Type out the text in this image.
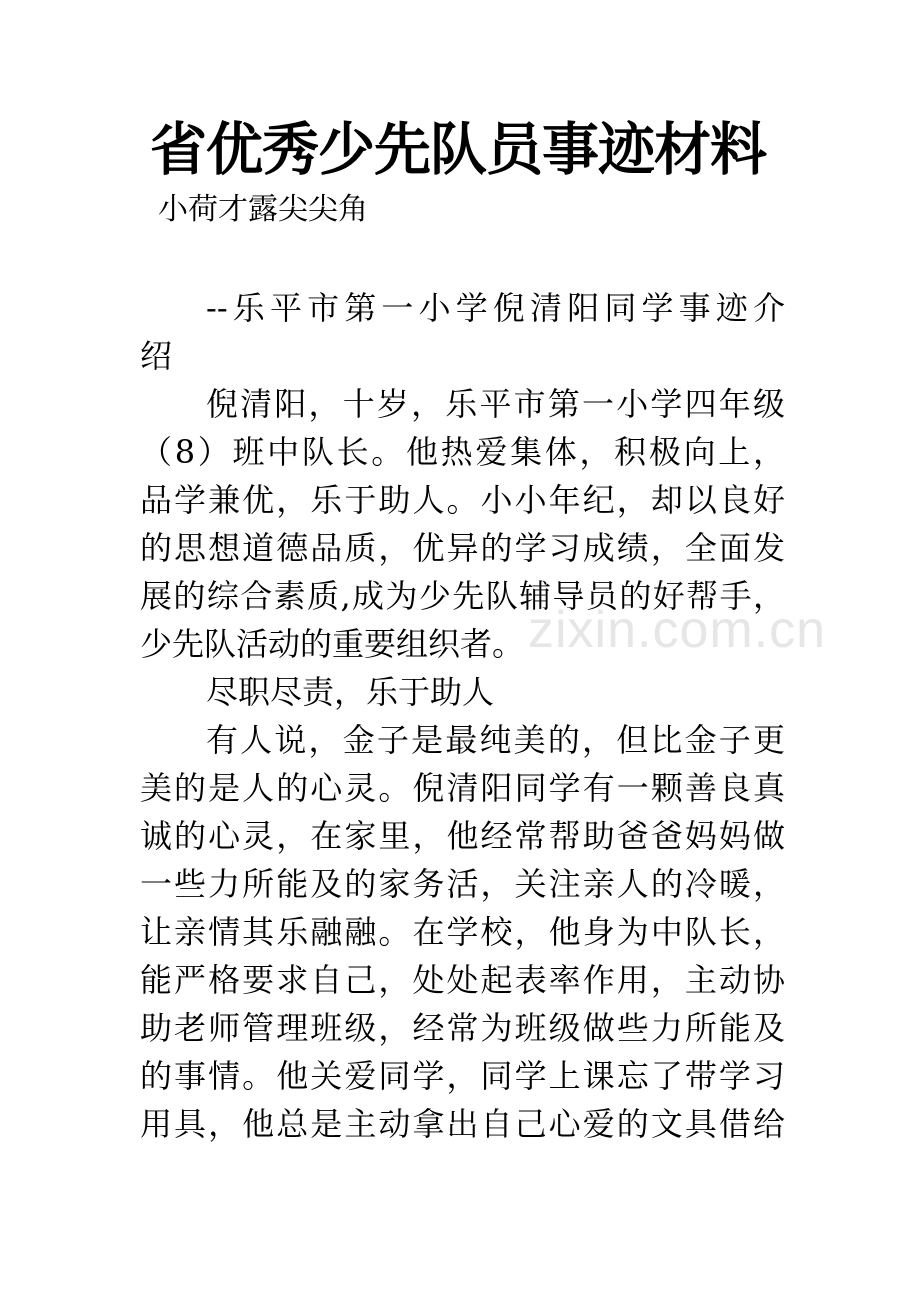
zixin.com.cn
省优秀少先队员事迹材料
小荷才露尖尖角

--乐平市第一小学倪清阳同学事迹介
绍

倪清阳，十岁，乐平市第一小学四年级
（8）班中队长。他热爱集体，积极向上，
品学兼优，乐于助人。小小年纪，却以良好
的思想道德品质，优异的学习成绩，全面发
展的综合素质,成为少先队辅导员的好帮手，
少先队活动的重要组织者。

尽职尽责，乐于助人

有人说，金子是最纯美的，但比金子更
美的是人的心灵。倪清阳同学有一颗善良真
诚的心灵，在家里，他经常帮助爸爸妈妈做
一些力所能及的家务活，关注亲人的冷暖，
让亲情其乐融融。在学校，他身为中队长，
能严格要求自己，处处起表率作用，主动协
助老师管理班级，经常为班级做些力所能及
的事情。他关爱同学，同学上课忘了带学习
用具，他总是主动拿出自己心爱的文具借给
